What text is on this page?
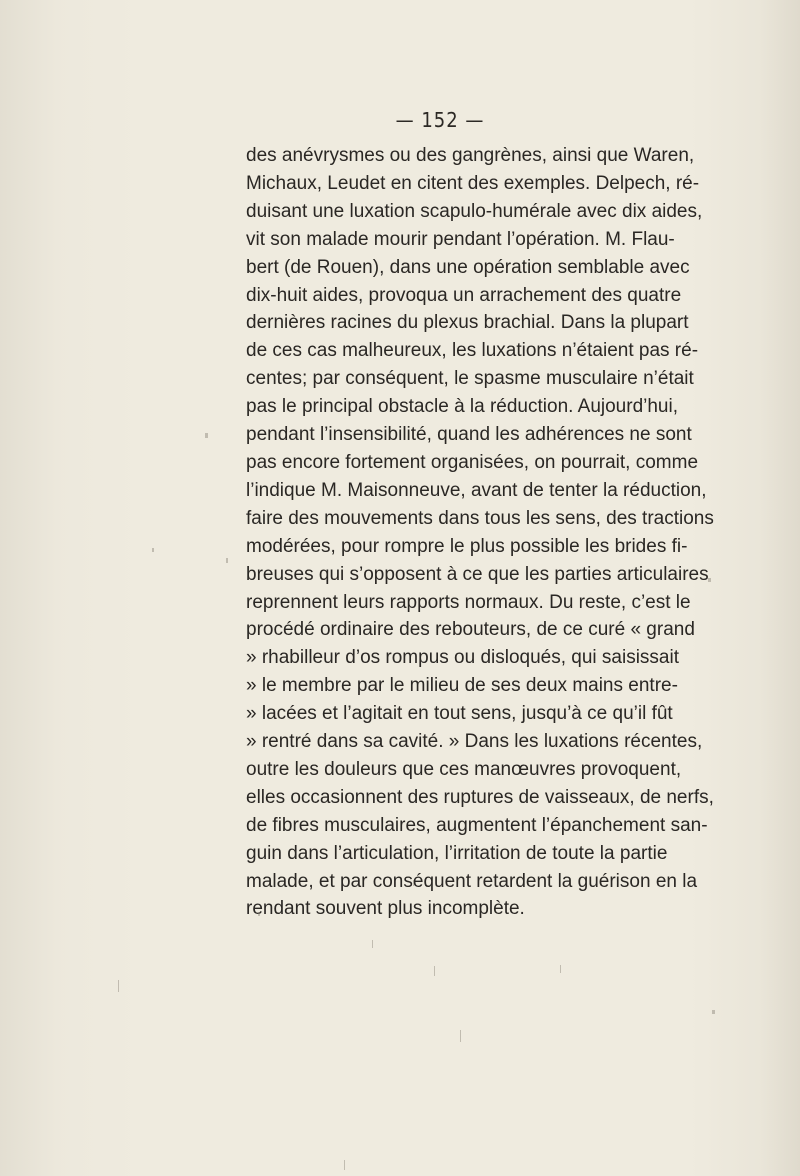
— 152 —
des anévrysmes ou des gangrènes, ainsi que Waren,
Michaux, Leudet en citent des exemples. Delpech, ré-
duisant une luxation scapulo-humérale avec dix aides,
vit son malade mourir pendant l’opération. M. Flau-
bert (de Rouen), dans une opération semblable avec
dix-huit aides, provoqua un arrachement des quatre
dernières racines du plexus brachial. Dans la plupart
de ces cas malheureux, les luxations n’étaient pas ré-
centes; par conséquent, le spasme musculaire n’était
pas le principal obstacle à la réduction. Aujourd’hui,
pendant l’insensibilité, quand les adhérences ne sont
pas encore fortement organisées, on pourrait, comme
l’indique M. Maisonneuve, avant de tenter la réduction,
faire des mouvements dans tous les sens, des tractions
modérées, pour rompre le plus possible les brides fi-
breuses qui s’opposent à ce que les parties articulaires
reprennent leurs rapports normaux. Du reste, c’est le
procédé ordinaire des rebouteurs, de ce curé « grand
» rhabilleur d’os rompus ou disloqués, qui saisissait
» le membre par le milieu de ses deux mains entre-
» lacées et l’agitait en tout sens, jusqu’à ce qu’il fût
» rentré dans sa cavité. » Dans les luxations récentes,
outre les douleurs que ces manœuvres provoquent,
elles occasionnent des ruptures de vaisseaux, de nerfs,
de fibres musculaires, augmentent l’épanchement san-
guin dans l’articulation, l’irritation de toute la partie
malade, et par conséquent retardent la guérison en la
rendant souvent plus incomplète.
